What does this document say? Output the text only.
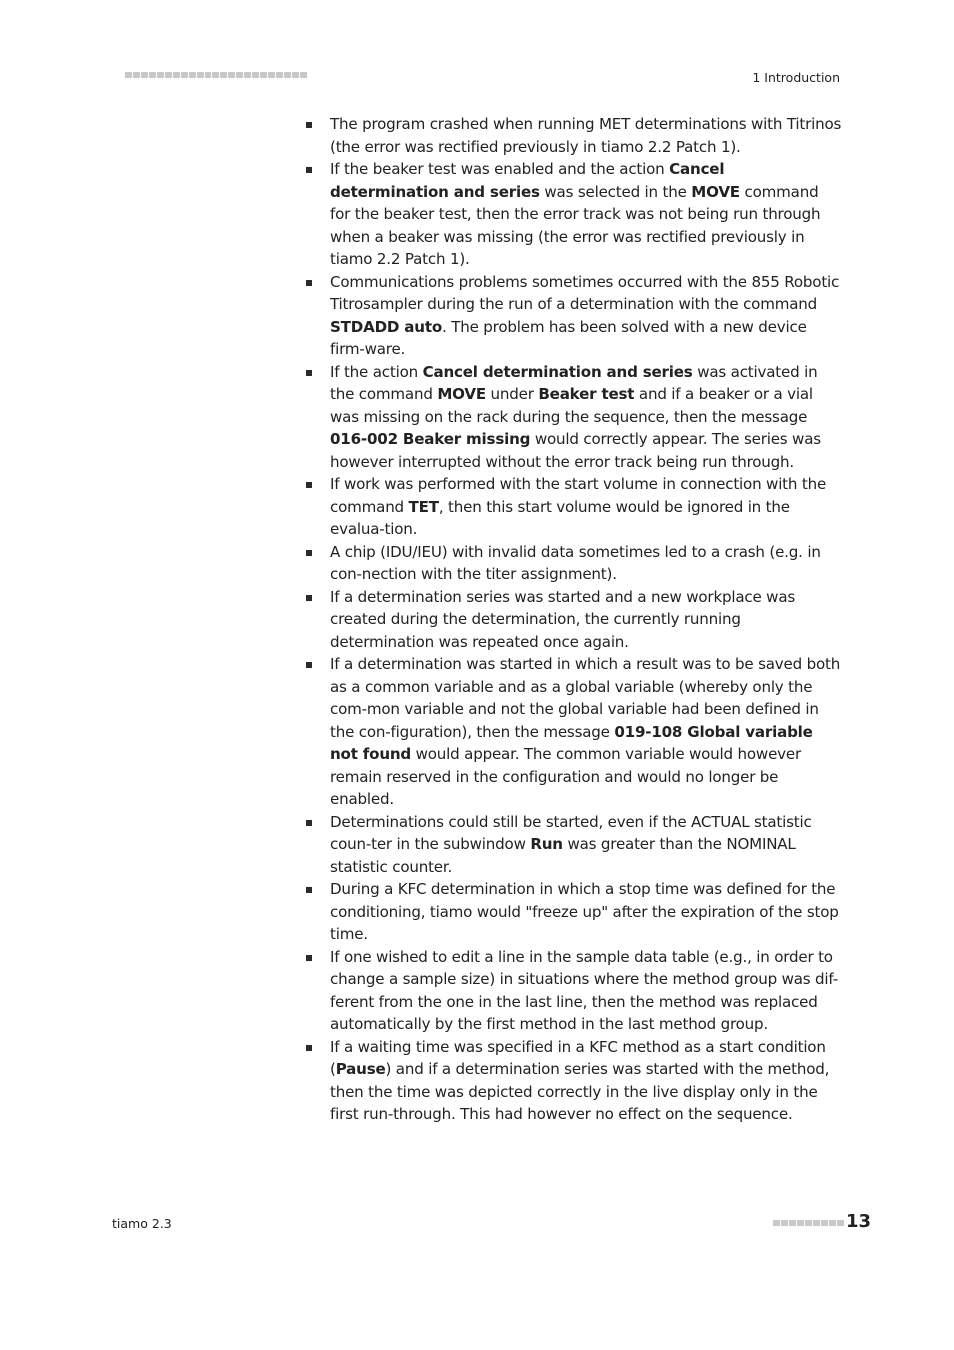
1 Introduction
The program crashed when running MET determinations with Titrinos (the error was rectified previously in tiamo 2.2 Patch 1).
If the beaker test was enabled and the action Cancel determination and series was selected in the MOVE command for the beaker test, then the error track was not being run through when a beaker was missing (the error was rectified previously in tiamo 2.2 Patch 1).
Communications problems sometimes occurred with the 855 Robotic Titrosampler during the run of a determination with the command STDADD auto. The problem has been solved with a new device firm-ware.
If the action Cancel determination and series was activated in the command MOVE under Beaker test and if a beaker or a vial was missing on the rack during the sequence, then the message 016-002 Beaker missing would correctly appear. The series was however interrupted without the error track being run through.
If work was performed with the start volume in connection with the command TET, then this start volume would be ignored in the evalua-tion.
A chip (IDU/IEU) with invalid data sometimes led to a crash (e.g. in con-nection with the titer assignment).
If a determination series was started and a new workplace was created during the determination, the currently running determination was repeated once again.
If a determination was started in which a result was to be saved both as a common variable and as a global variable (whereby only the com-mon variable and not the global variable had been defined in the con-figuration), then the message 019-108 Global variable not found would appear. The common variable would however remain reserved in the configuration and would no longer be enabled.
Determinations could still be started, even if the ACTUAL statistic coun-ter in the subwindow Run was greater than the NOMINAL statistic counter.
During a KFC determination in which a stop time was defined for the conditioning, tiamo would "freeze up" after the expiration of the stop time.
If one wished to edit a line in the sample data table (e.g., in order to change a sample size) in situations where the method group was dif-ferent from the one in the last line, then the method was replaced automatically by the first method in the last method group.
If a waiting time was specified in a KFC method as a start condition (Pause) and if a determination series was started with the method, then the time was depicted correctly in the live display only in the first run-through. This had however no effect on the sequence.
tiamo 2.3	13
